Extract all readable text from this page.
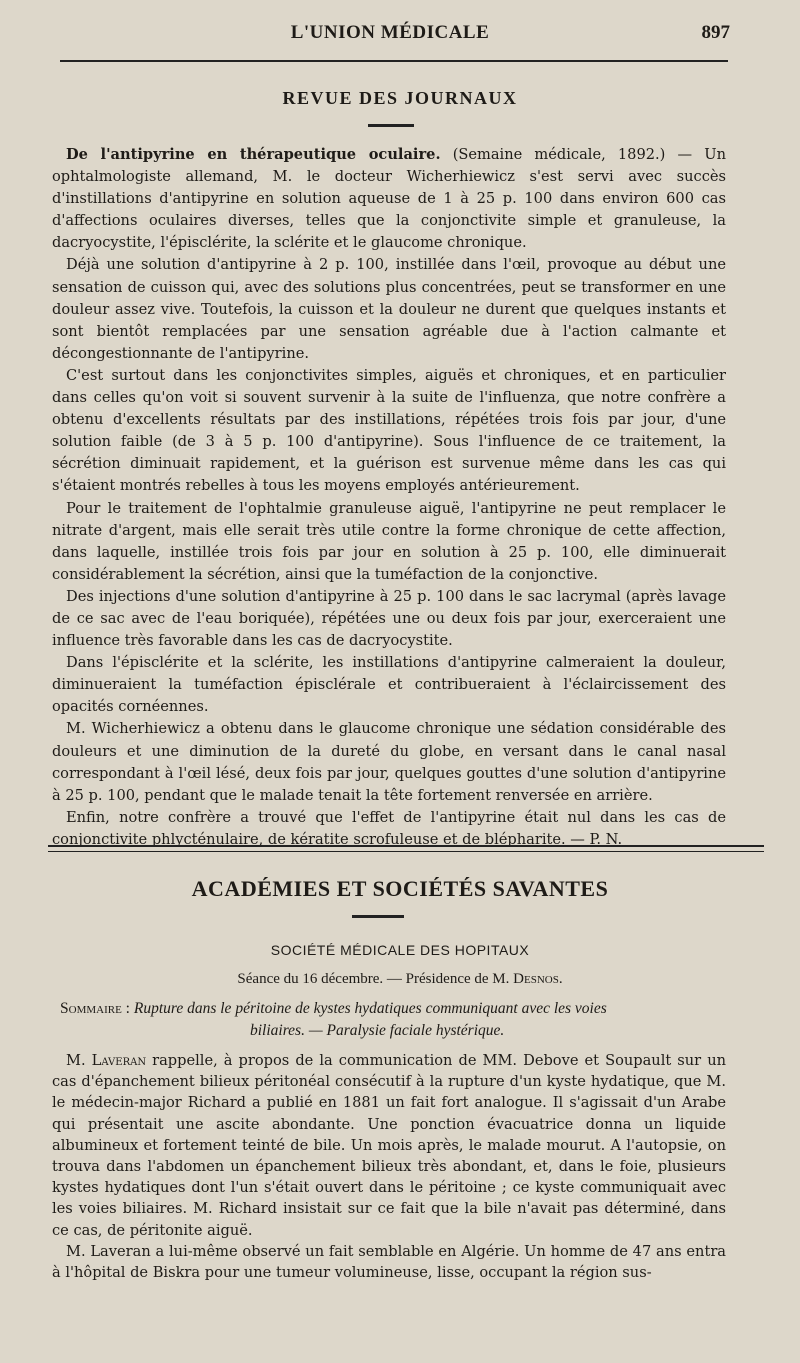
L'UNION MÉDICALE	897
REVUE DES JOURNAUX

De l'antipyrine en thérapeutique oculaire. (Semaine médicale, 1892.) — Un ophtalmologiste allemand, M. le docteur Wicherhiewicz s'est servi avec succès d'instillations d'antipyrine en solution aqueuse de 1 à 25 p. 100 dans environ 600 cas d'affections oculaires diverses, telles que la conjonctivite simple et granuleuse, la dacryocystite, l'épisclérite, la sclérite et le glaucome chronique.

Déjà une solution d'antipyrine à 2 p. 100, instillée dans l'œil, provoque au début une sensation de cuisson qui, avec des solutions plus concentrées, peut se transformer en une douleur assez vive. Toutefois, la cuisson et la douleur ne durent que quelques instants et sont bientôt remplacées par une sensation agréable due à l'action calmante et décongestionnante de l'antipyrine.

C'est surtout dans les conjonctivites simples, aiguës et chroniques, et en particulier dans celles qu'on voit si souvent survenir à la suite de l'influenza, que notre confrère a obtenu d'excellents résultats par des instillations, répétées trois fois par jour, d'une solution faible (de 3 à 5 p. 100 d'antipyrine). Sous l'influence de ce traitement, la sécrétion diminuait rapidement, et la guérison est survenue même dans les cas qui s'étaient montrés rebelles à tous les moyens employés antérieurement.

Pour le traitement de l'ophtalmie granuleuse aiguë, l'antipyrine ne peut remplacer le nitrate d'argent, mais elle serait très utile contre la forme chronique de cette affection, dans laquelle, instillée trois fois par jour en solution à 25 p. 100, elle diminuerait considérablement la sécrétion, ainsi que la tuméfaction de la conjonctive.

Des injections d'une solution d'antipyrine à 25 p. 100 dans le sac lacrymal (après lavage de ce sac avec de l'eau boriquée), répétées une ou deux fois par jour, exerceraient une influence très favorable dans les cas de dacryocystite.

Dans l'épisclérite et la sclérite, les instillations d'antipyrine calmeraient la douleur, diminueraient la tuméfaction épisclérale et contribueraient à l'éclaircissement des opacités cornéennes.

M. Wicherhiewicz a obtenu dans le glaucome chronique une sédation considérable des douleurs et une diminution de la dureté du globe, en versant dans le canal nasal correspondant à l'œil lésé, deux fois par jour, quelques gouttes d'une solution d'antipyrine à 25 p. 100, pendant que le malade tenait la tête fortement renversée en arrière.

Enfin, notre confrère a trouvé que l'effet de l'antipyrine était nul dans les cas de conjonctivite phlycténulaire, de kératite scrofuleuse et de blépharite. — P. N.

ACADÉMIES ET SOCIÉTÉS SAVANTES
SOCIÉTÉ MÉDICALE DES HOPITAUX
Séance du 16 décembre. — Présidence de M. Desnos.
Sommaire : Rupture dans le péritoine de kystes hydatiques communiquant avec les voies
biliaires. — Paralysie faciale hystérique.

M. Laveran rappelle, à propos de la communication de MM. Debove et Soupault sur un cas d'épanchement bilieux péritonéal consécutif à la rupture d'un kyste hydatique, que M. le médecin-major Richard a publié en 1881 un fait fort analogue. Il s'agissait d'un Arabe qui présentait une ascite abondante. Une ponction évacuatrice donna un liquide albumineux et fortement teinté de bile. Un mois après, le malade mourut. A l'autopsie, on trouva dans l'abdomen un épanchement bilieux très abondant, et, dans le foie, plusieurs kystes hydatiques dont l'un s'était ouvert dans le péritoine ; ce kyste communiquait avec les voies biliaires. M. Richard insistait sur ce fait que la bile n'avait pas déterminé, dans ce cas, de péritonite aiguë.

M. Laveran a lui-même observé un fait semblable en Algérie. Un homme de 47 ans entra à l'hôpital de Biskra pour une tumeur volumineuse, lisse, occupant la région sus-
